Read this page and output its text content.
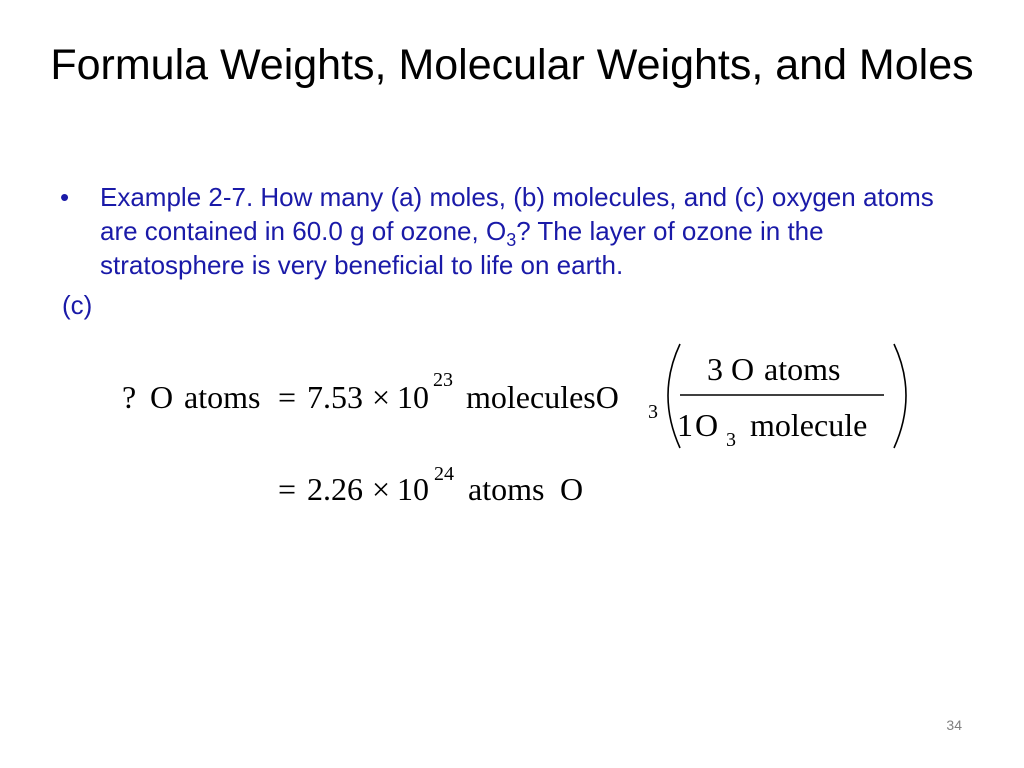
Formula Weights, Molecular Weights, and Moles
• Example 2-7. How many (a) moles, (b) molecules, and (c) oxygen atoms are contained in 60.0 g of ozone, $O_3$? The layer of ozone in the stratosphere is very beneficial to life on earth.
(c)
? O atoms = 7.53 × 10 23 moleculesO 3
3 O atoms
1 O 3 molecule
= 2.26 × 10 24 atoms O
34
